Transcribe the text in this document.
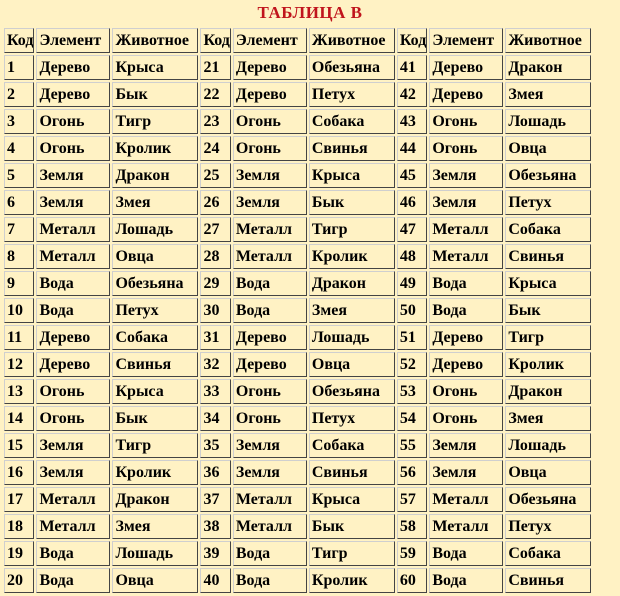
ТАБЛИЦА В
Код	Элемент	Животное	Код	Элемент	Животное	Код	Элемент	Животное
1	Дерево	Крыса	21	Дерево	Обезьяна	41	Дерево	Дракон
2	Дерево	Бык	22	Дерево	Петух	42	Дерево	Змея
3	Огонь	Тигр	23	Огонь	Собака	43	Огонь	Лошадь
4	Огонь	Кролик	24	Огонь	Свинья	44	Огонь	Овца
5	Земля	Дракон	25	Земля	Крыса	45	Земля	Обезьяна
6	Земля	Змея	26	Земля	Бык	46	Земля	Петух
7	Металл	Лошадь	27	Металл	Тигр	47	Металл	Собака
8	Металл	Овца	28	Металл	Кролик	48	Металл	Свинья
9	Вода	Обезьяна	29	Вода	Дракон	49	Вода	Крыса
10	Вода	Петух	30	Вода	Змея	50	Вода	Бык
11	Дерево	Собака	31	Дерево	Лошадь	51	Дерево	Тигр
12	Дерево	Свинья	32	Дерево	Овца	52	Дерево	Кролик
13	Огонь	Крыса	33	Огонь	Обезьяна	53	Огонь	Дракон
14	Огонь	Бык	34	Огонь	Петух	54	Огонь	Змея
15	Земля	Тигр	35	Земля	Собака	55	Земля	Лошадь
16	Земля	Кролик	36	Земля	Свинья	56	Земля	Овца
17	Металл	Дракон	37	Металл	Крыса	57	Металл	Обезьяна
18	Металл	Змея	38	Металл	Бык	58	Металл	Петух
19	Вода	Лошадь	39	Вода	Тигр	59	Вода	Собака
20	Вода	Овца	40	Вода	Кролик	60	Вода	Свинья
